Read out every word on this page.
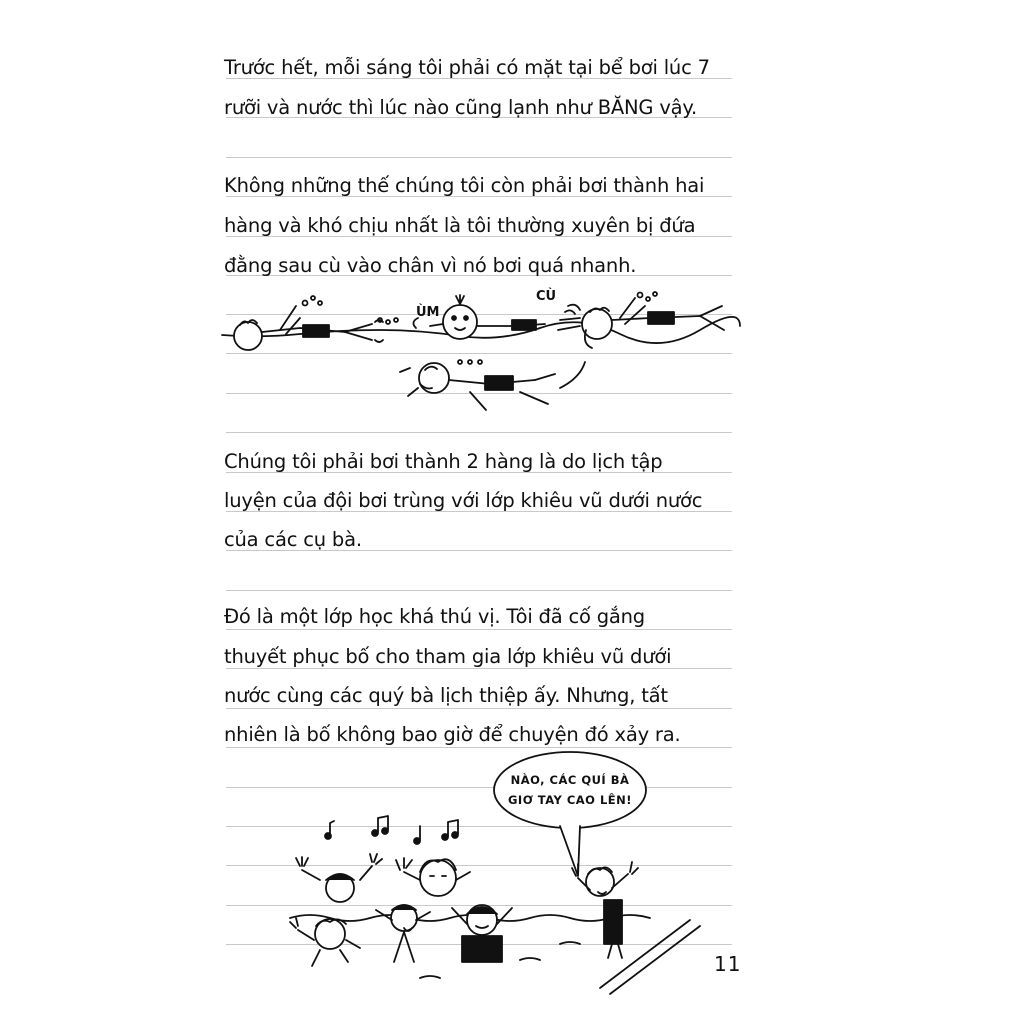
Trước hết, mỗi sáng tôi phải có mặt tại bể bơi lúc 7
rưỡi và nước thì lúc nào cũng lạnh như BĂNG vậy.
Không những thế chúng tôi còn phải bơi thành hai
hàng và khó chịu nhất là tôi thường xuyên bị đứa
đằng sau cù vào chân vì nó bơi quá nhanh.
Chúng tôi phải bơi thành 2 hàng là do lịch tập
luyện của đội bơi trùng với lớp khiêu vũ dưới nước
của các cụ bà.
Đó là một lớp học khá thú vị. Tôi đã cố gắng
thuyết phục bố cho tham gia lớp khiêu vũ dưới
nước cùng các quý bà lịch thiệp ấy. Nhưng, tất
nhiên là bố không bao giờ để chuyện đó xảy ra.
ÙM
CÙ
NÀO, CÁC QUÍ BÀ
GIƠ TAY CAO LÊN!
11
